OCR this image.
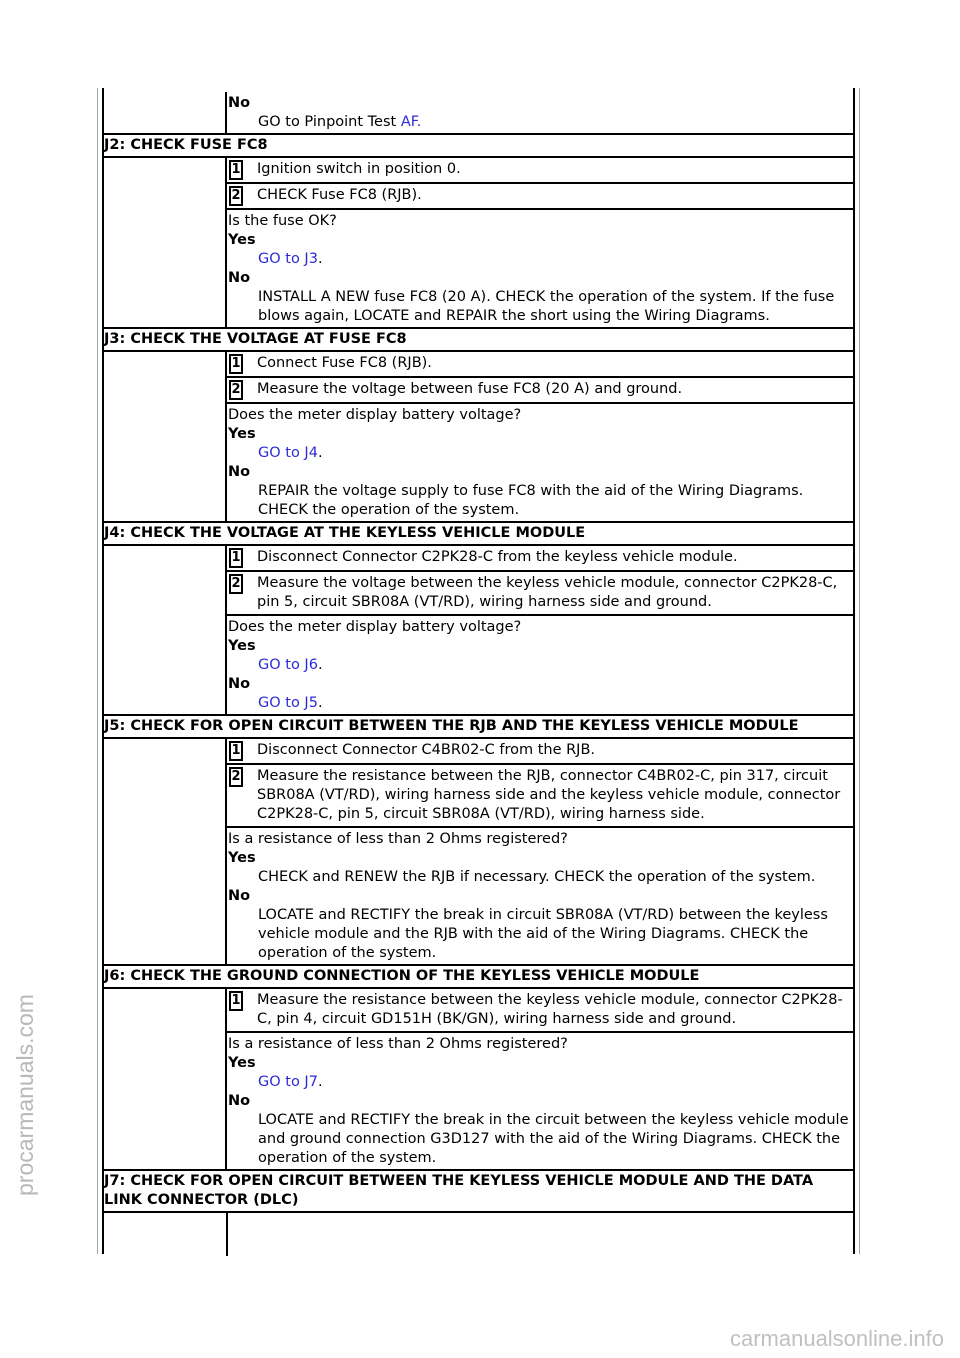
	No
GO to Pinpoint Test AF.

J2: CHECK FUSE FC8	

	1 Ignition switch in position 0.

	2 CHECK Fuse FC8 (RJB).

	Is the fuse OK?
Yes
GO to J3.
No
INSTALL A NEW fuse FC8 (20 A). CHECK the operation of the system. If the fuse blows again, LOCATE and REPAIR the short using the Wiring Diagrams.

J3: CHECK THE VOLTAGE AT FUSE FC8	

	1 Connect Fuse FC8 (RJB).

	2 Measure the voltage between fuse FC8 (20 A) and ground.

	Does the meter display battery voltage?
Yes
GO to J4.
No
REPAIR the voltage supply to fuse FC8 with the aid of the Wiring Diagrams. CHECK the operation of the system.

J4: CHECK THE VOLTAGE AT THE KEYLESS VEHICLE MODULE	

	1 Disconnect Connector C2PK28-C from the keyless vehicle module.

	2 Measure the voltage between the keyless vehicle module, connector C2PK28-C, pin 5, circuit SBR08A (VT/RD), wiring harness side and ground.

	Does the meter display battery voltage?
Yes
GO to J6.
No
GO to J5.

J5: CHECK FOR OPEN CIRCUIT BETWEEN THE RJB AND THE KEYLESS VEHICLE MODULE	

	1 Disconnect Connector C4BR02-C from the RJB.

	2 Measure the resistance between the RJB, connector C4BR02-C, pin 317, circuit SBR08A (VT/RD), wiring harness side and the keyless vehicle module, connector C2PK28-C, pin 5, circuit SBR08A (VT/RD), wiring harness side.

	Is a resistance of less than 2 Ohms registered?
Yes
CHECK and RENEW the RJB if necessary. CHECK the operation of the system.
No
LOCATE and RECTIFY the break in circuit SBR08A (VT/RD) between the keyless vehicle module and the RJB with the aid of the Wiring Diagrams. CHECK the operation of the system.

J6: CHECK THE GROUND CONNECTION OF THE KEYLESS VEHICLE MODULE	

	1 Measure the resistance between the keyless vehicle module, connector C2PK28-C, pin 4, circuit GD151H (BK/GN), wiring harness side and ground.

	Is a resistance of less than 2 Ohms registered?
Yes
GO to J7.
No
LOCATE and RECTIFY the break in the circuit between the keyless vehicle module and ground connection G3D127 with the aid of the Wiring Diagrams. CHECK the operation of the system.

J7: CHECK FOR OPEN CIRCUIT BETWEEN THE KEYLESS VEHICLE MODULE AND THE DATA LINK CONNECTOR (DLC)	
procarmanuals.com
carmanualsonline.info
